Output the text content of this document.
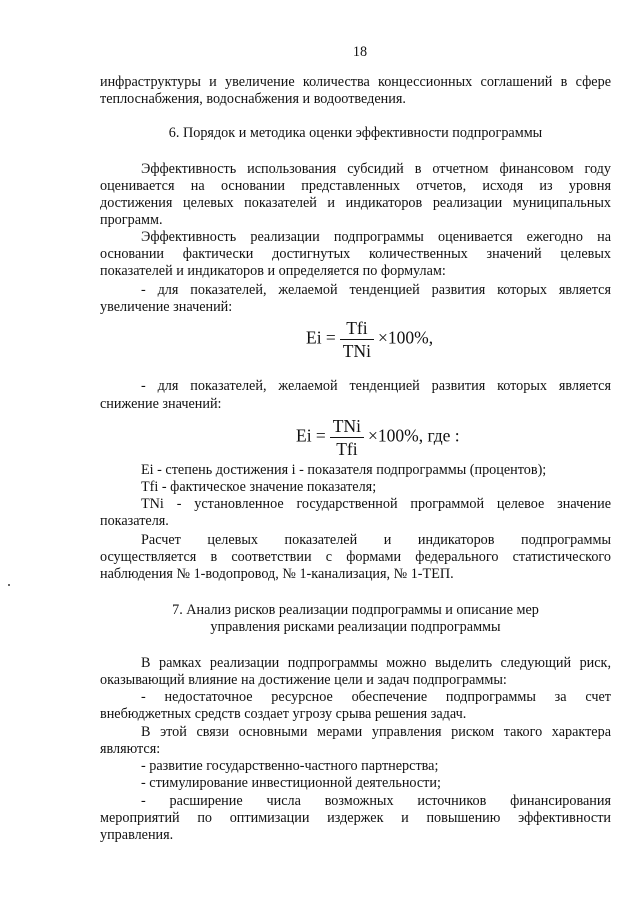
18
инфраструктуры и увеличение количества концессионных соглашений в сфере
теплоснабжения, водоснабжения и водоотведения.
6. Порядок и методика оценки эффективности подпрограммы
Эффективность использования субсидий в отчетном финансовом году
оценивается на основании представленных отчетов, исходя из уровня
достижения целевых показателей и индикаторов реализации муниципальных
программ.
Эффективность реализации подпрограммы оценивается ежегодно на
основании фактически достигнутых количественных значений целевых
показателей и индикаторов и определяется по формулам:
- для показателей, желаемой тенденцией развития которых является
увеличение значений:
$Ei = \frac{\text{Tfi}}{\text{TNi}} \times 100\%$,
- для показателей, желаемой тенденцией развития которых является
снижение значений:
$Ei = \frac{\text{TNi}}{\text{Tfi}} \times 100\%$, где :
Ei - степень достижения i - показателя подпрограммы (процентов);
Tfi - фактическое значение показателя;
TNi - установленное государственной программой целевое значение
показателя.
Расчет целевых показателей и индикаторов подпрограммы
осуществляется в соответствии с формами федерального статистического
наблюдения № 1-водопровод, № 1-канализация, № 1-ТЕП.
7. Анализ рисков реализации подпрограммы и описание мер
управления рисками реализации подпрограммы
В рамках реализации подпрограммы можно выделить следующий риск,
оказывающий влияние на достижение цели и задач подпрограммы:
- недостаточное ресурсное обеспечение подпрограммы за счет
внебюджетных средств создает угрозу срыва решения задач.
В этой связи основными мерами управления риском такого характера
являются:
- развитие государственно-частного партнерства;
- стимулирование инвестиционной деятельности;
- расширение числа возможных источников финансирования
мероприятий по оптимизации издержек и повышению эффективности
управления.
